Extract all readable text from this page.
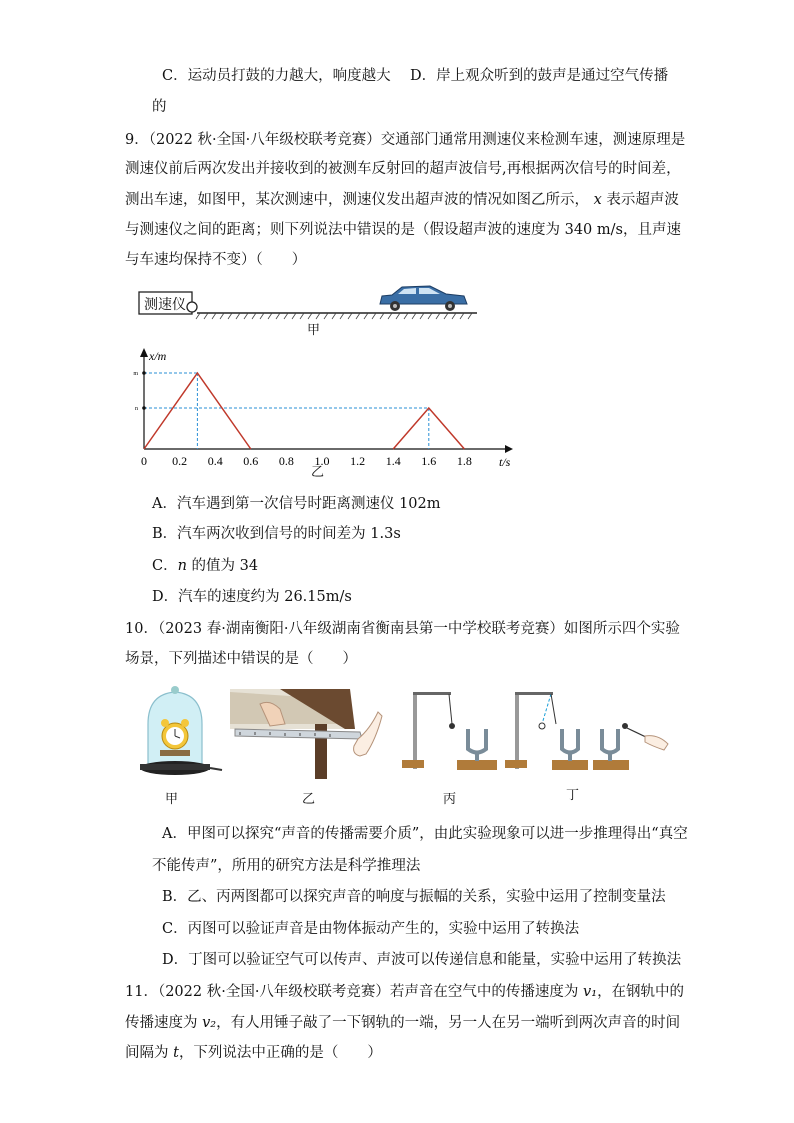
C．运动员打鼓的力越大，响度越大 D．岸上观众听到的鼓声是通过空气传播
的
9．（2022 秋·全国·八年级校联考竞赛）交通部门通常用测速仪来检测车速，测速原理是
测速仪前后两次发出并接收到的被测车反射回的超声波信号,再根据两次信号的时间差，
测出车速，如图甲，某次测速中，测速仪发出超声波的情况如图乙所示， x 表示超声波
与测速仪之间的距离；则下列说法中错误的是（假设超声波的速度为 340 m/s，且声速
与车速均保持不变）（　　）
测速仪
甲
x/m
t/s
0 0.2 0.4 0.6 0.8 1.0 1.2 1.4 1.6 1.8
m
n
乙
A．汽车遇到第一次信号时距离测速仪 102m
B．汽车两次收到信号的时间差为 1.3s
C．n 的值为 34
D．汽车的速度约为 26.15m/s
10．（2023 春·湖南衡阳·八年级湖南省衡南县第一中学校联考竞赛）如图所示四个实验
场景，下列描述中错误的是（　　）
甲	乙	丙	丁
A．甲图可以探究“声音的传播需要介质”，由此实验现象可以进一步推理得出“真空
不能传声”，所用的研究方法是科学推理法
B．乙、丙两图都可以探究声音的响度与振幅的关系，实验中运用了控制变量法
C．丙图可以验证声音是由物体振动产生的，实验中运用了转换法
D．丁图可以验证空气可以传声、声波可以传递信息和能量，实验中运用了转换法
11．（2022 秋·全国·八年级校联考竞赛）若声音在空气中的传播速度为 v₁，在钢轨中的
传播速度为 v₂，有人用锤子敲了一下钢轨的一端，另一人在另一端听到两次声音的时间
间隔为 t，下列说法中正确的是（　　）
